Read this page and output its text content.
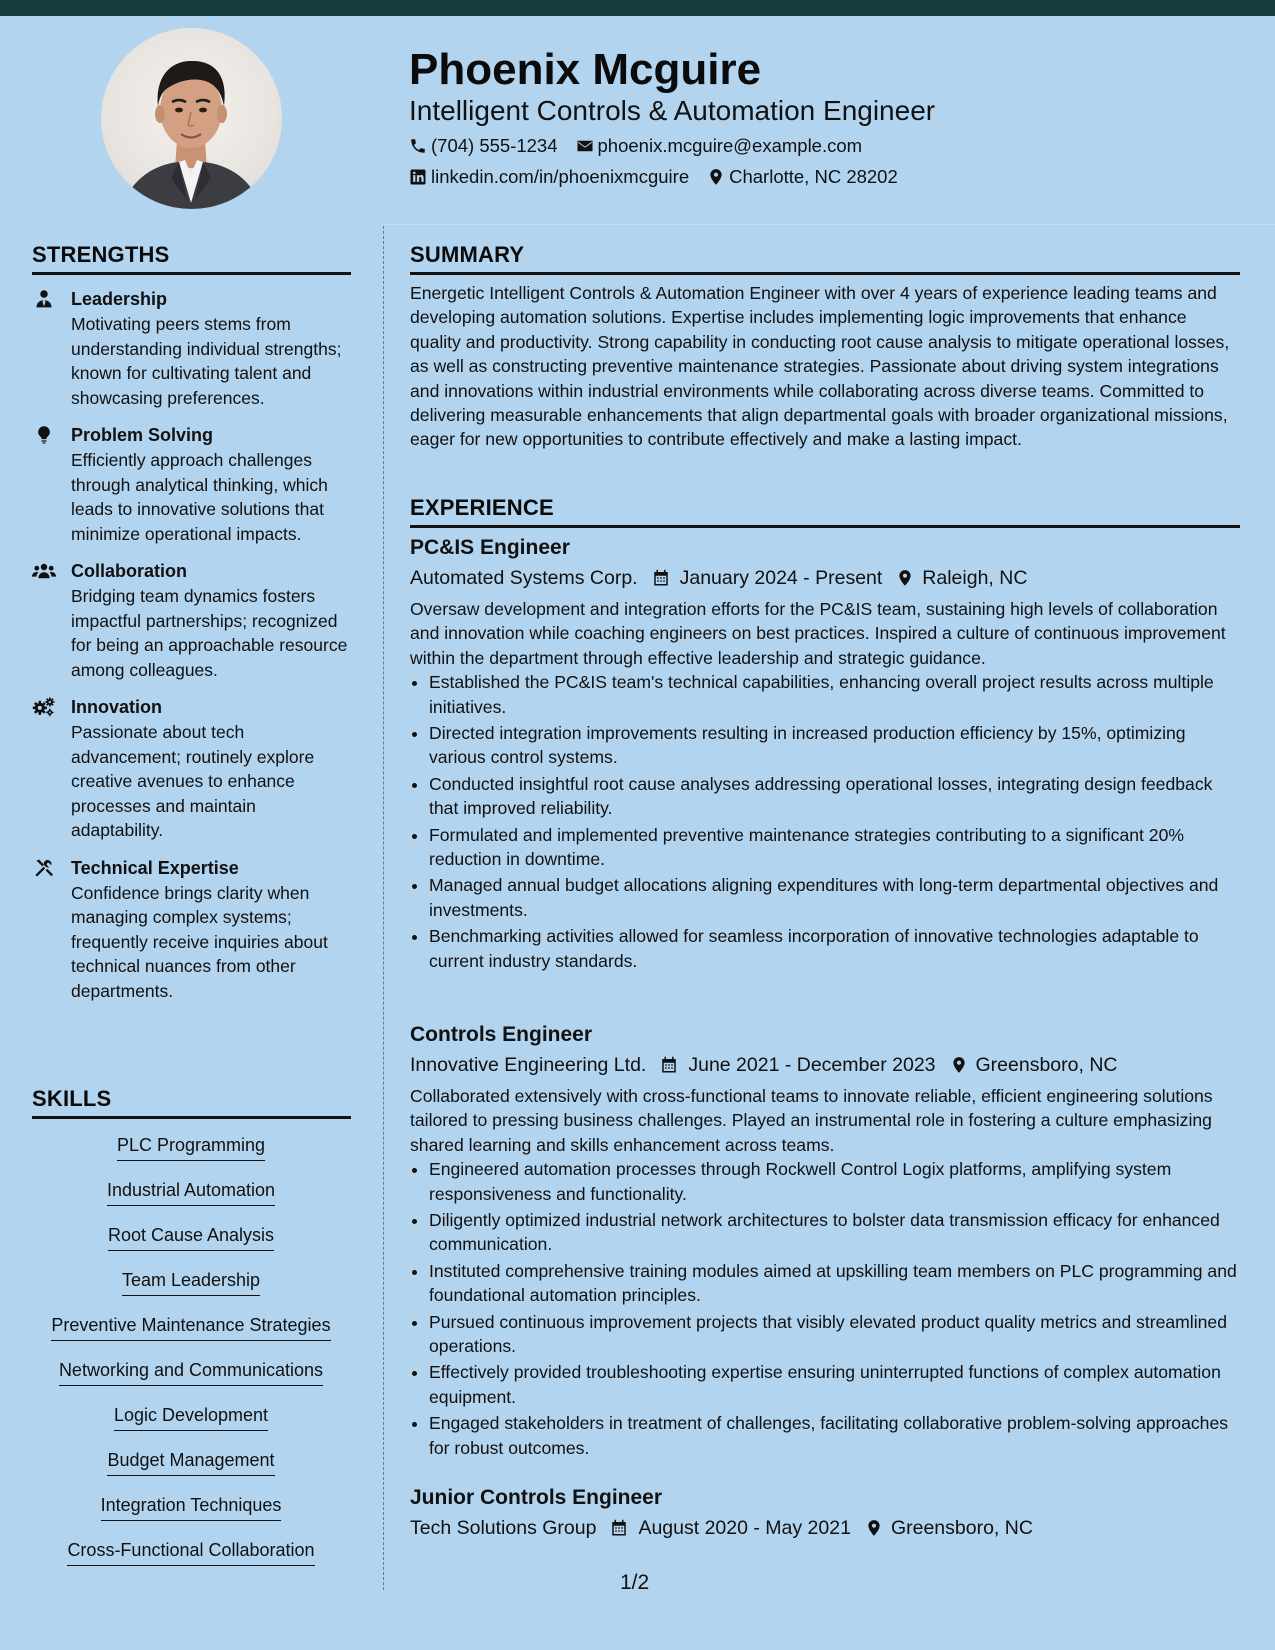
Phoenix Mcguire
Intelligent Controls & Automation Engineer
(704) 555-1234 phoenix.mcguire@example.com
linkedin.com/in/phoenixmcguire Charlotte, NC 28202
STRENGTHS
Leadership
Motivating peers stems from understanding individual strengths; known for cultivating talent and showcasing preferences.
Problem Solving
Efficiently approach challenges through analytical thinking, which leads to innovative solutions that minimize operational impacts.
Collaboration
Bridging team dynamics fosters impactful partnerships; recognized for being an approachable resource among colleagues.
Innovation
Passionate about tech advancement; routinely explore creative avenues to enhance processes and maintain adaptability.
Technical Expertise
Confidence brings clarity when managing complex systems; frequently receive inquiries about technical nuances from other departments.
SKILLS
PLC Programming
Industrial Automation
Root Cause Analysis
Team Leadership
Preventive Maintenance Strategies
Networking and Communications
Logic Development
Budget Management
Integration Techniques
Cross-Functional Collaboration
SUMMARY

Energetic Intelligent Controls & Automation Engineer with over 4 years of experience leading teams and developing automation solutions. Expertise includes implementing logic improvements that enhance quality and productivity. Strong capability in conducting root cause analysis to mitigate operational losses, as well as constructing preventive maintenance strategies. Passionate about driving system integrations and innovations within industrial environments while collaborating across diverse teams. Committed to delivering measurable enhancements that align departmental goals with broader organizational missions, eager for new opportunities to contribute effectively and make a lasting impact.

EXPERIENCE
PC&IS Engineer
Automated Systems Corp. January 2024 - Present Raleigh, NC

Oversaw development and integration efforts for the PC&IS team, sustaining high levels of collaboration and innovation while coaching engineers on best practices. Inspired a culture of continuous improvement within the department through effective leadership and strategic guidance.

• Established the PC&IS team's technical capabilities, enhancing overall project results across multiple initiatives.
• Directed integration improvements resulting in increased production efficiency by 15%, optimizing various control systems.
• Conducted insightful root cause analyses addressing operational losses, integrating design feedback that improved reliability.
• Formulated and implemented preventive maintenance strategies contributing to a significant 20% reduction in downtime.
• Managed annual budget allocations aligning expenditures with long-term departmental objectives and investments.
• Benchmarking activities allowed for seamless incorporation of innovative technologies adaptable to current industry standards.
Controls Engineer
Innovative Engineering Ltd. June 2021 - December 2023 Greensboro, NC

Collaborated extensively with cross-functional teams to innovate reliable, efficient engineering solutions tailored to pressing business challenges. Played an instrumental role in fostering a culture emphasizing shared learning and skills enhancement across teams.

• Engineered automation processes through Rockwell Control Logix platforms, amplifying system responsiveness and functionality.
• Diligently optimized industrial network architectures to bolster data transmission efficacy for enhanced communication.
• Instituted comprehensive training modules aimed at upskilling team members on PLC programming and foundational automation principles.
• Pursued continuous improvement projects that visibly elevated product quality metrics and streamlined operations.
• Effectively provided troubleshooting expertise ensuring uninterrupted functions of complex automation equipment.
• Engaged stakeholders in treatment of challenges, facilitating collaborative problem-solving approaches for robust outcomes.
Junior Controls Engineer
Tech Solutions Group August 2020 - May 2021 Greensboro, NC
1/2
